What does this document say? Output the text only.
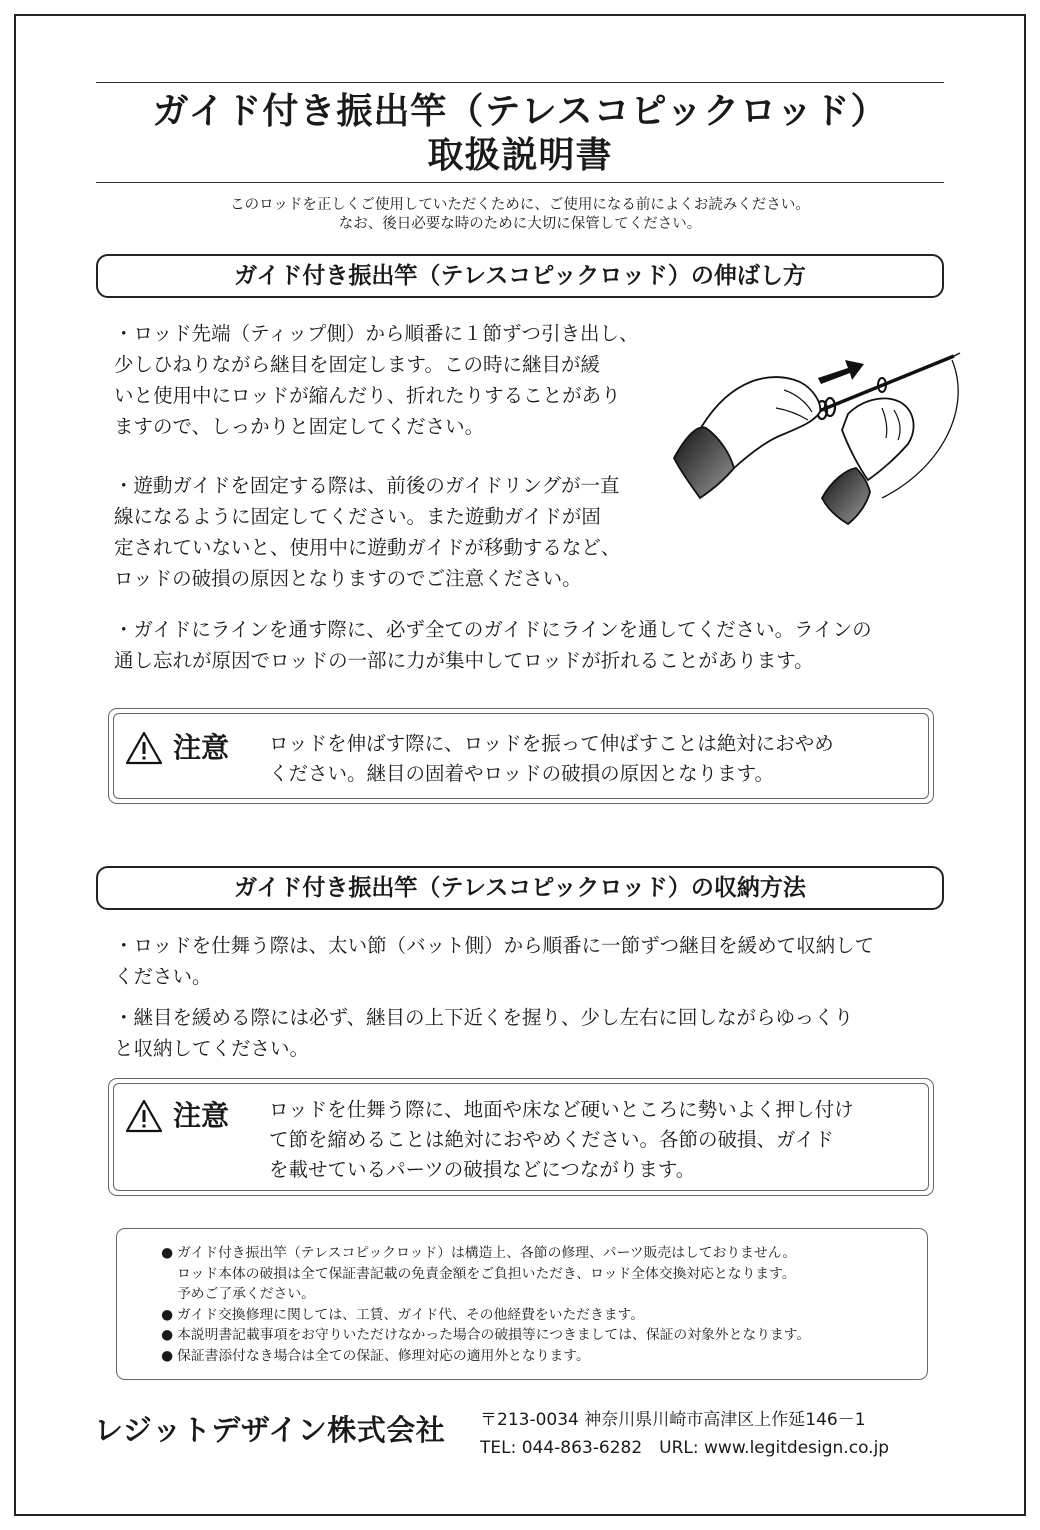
ガイド付き振出竿（テレスコピックロッド）
取扱説明書
このロッドを正しくご使用していただくために、ご使用になる前によくお読みください。
なお、後日必要な時のために大切に保管してください。
ガイド付き振出竿（テレスコピックロッド）の伸ばし方
・ロッド先端（ティップ側）から順番に１節ずつ引き出し、
少しひねりながら継目を固定します。この時に継目が緩
いと使用中にロッドが縮んだり、折れたりすることがあり
ますので、しっかりと固定してください。
・遊動ガイドを固定する際は、前後のガイドリングが一直
線になるように固定してください。また遊動ガイドが固
定されていないと、使用中に遊動ガイドが移動するなど、
ロッドの破損の原因となりますのでご注意ください。
・ガイドにラインを通す際に、必ず全てのガイドにラインを通してください。ラインの
通し忘れが原因でロッドの一部に力が集中してロッドが折れることがあります。
注意 ロッドを伸ばす際に、ロッドを振って伸ばすことは絶対におやめ
ください。継目の固着やロッドの破損の原因となります。
ガイド付き振出竿（テレスコピックロッド）の収納方法
・ロッドを仕舞う際は、太い節（バット側）から順番に一節ずつ継目を緩めて収納して
ください。
・継目を緩める際には必ず、継目の上下近くを握り、少し左右に回しながらゆっくり
と収納してください。
注意 ロッドを仕舞う際に、地面や床など硬いところに勢いよく押し付け
て節を縮めることは絶対におやめください。各節の破損、ガイド
を載せているパーツの破損などにつながります。
● ガイド付き振出竿（テレスコピックロッド）は構造上、各節の修理、パーツ販売はしておりません。
ロッド本体の破損は全て保証書記載の免責金額をご負担いただき、ロッド全体交換対応となります。
予めご了承ください。
● ガイド交換修理に関しては、工賃、ガイド代、その他経費をいただきます。
● 本説明書記載事項をお守りいただけなかった場合の破損等につきましては、保証の対象外となります。
● 保証書添付なき場合は全ての保証、修理対応の適用外となります。
レジットデザイン株式会社 〒213-0034 神奈川県川崎市高津区上作延146－1
TEL: 044-863-6282　URL: www.legitdesign.co.jp
